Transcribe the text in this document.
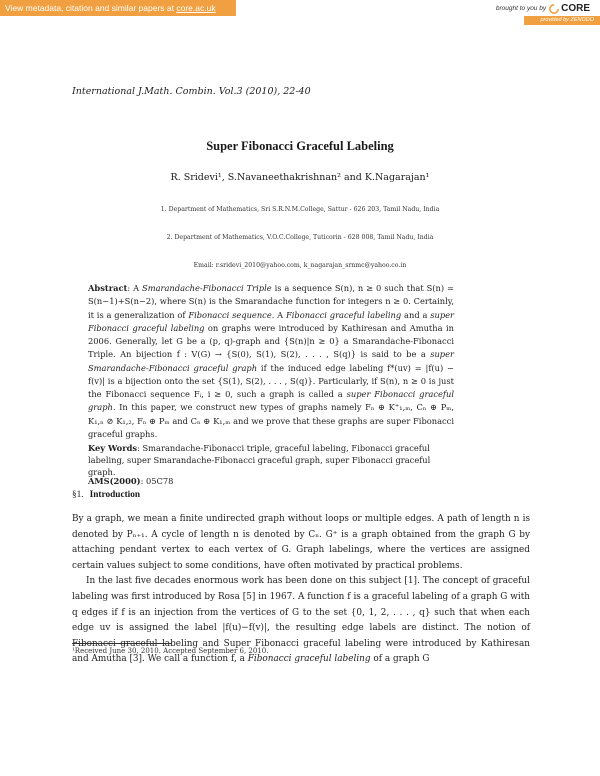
View metadata, citation and similar papers at core.ac.uk	brought to you by CORE
provided by ZENODO
International J.Math. Combin. Vol.3 (2010), 22-40
Super Fibonacci Graceful Labeling
R. Sridevi¹, S.Navaneethakrishnan² and K.Nagarajan¹
1. Department of Mathematics, Sri S.R.N.M.College, Sattur - 626 203, Tamil Nadu, India
2. Department of Mathematics, V.O.C.College, Tuticorin - 628 008, Tamil Nadu, India
Email: r.sridevi_2010@yahoo.com, k_nagarajan_srnmc@yahoo.co.in
Abstract: A Smarandache-Fibonacci Triple is a sequence S(n), n ≥ 0 such that S(n) = S(n−1)+S(n−2), where S(n) is the Smarandache function for integers n ≥ 0. Certainly, it is a generalization of Fibonacci sequence. A Fibonacci graceful labeling and a super Fibonacci graceful labeling on graphs were introduced by Kathiresan and Amutha in 2006. Generally, let G be a (p, q)-graph and {S(n)|n ≥ 0} a Smarandache-Fibonacci Triple. An bijection f : V(G) → {S(0), S(1), S(2), . . . , S(q)} is said to be a super Smarandache-Fibonacci graceful graph if the induced edge labeling f*(uv) = |f(u) − f(v)| is a bijection onto the set {S(1), S(2), . . . , S(q)}. Particularly, if S(n), n ≥ 0 is just the Fibonacci sequence Fᵢ, i ≥ 0, such a graph is called a super Fibonacci graceful graph. In this paper, we construct new types of graphs namely Fₙ ⊕ K⁺₁,ₘ, Cₙ ⊕ Pₘ, K₁,ₙ ⊘ K₁,₂, Fₙ ⊕ Pₘ and Cₙ ⊕ K₁,ₘ and we prove that these graphs are super Fibonacci graceful graphs.
Key Words: Smarandache-Fibonacci triple, graceful labeling, Fibonacci graceful labeling, super Smarandache-Fibonacci graceful graph, super Fibonacci graceful graph.
AMS(2000): 05C78
§1. Introduction

By a graph, we mean a finite undirected graph without loops or multiple edges. A path of length n is denoted by Pₙ₊₁. A cycle of length n is denoted by Cₙ. G⁺ is a graph obtained from the graph G by attaching pendant vertex to each vertex of G. Graph labelings, where the vertices are assigned certain values subject to some conditions, have often motivated by practical problems.

In the last five decades enormous work has been done on this subject [1]. The concept of graceful labeling was first introduced by Rosa [5] in 1967. A function f is a graceful labeling of a graph G with q edges if f is an injection from the vertices of G to the set {0, 1, 2, . . . , q} such that when each edge uv is assigned the label |f(u)−f(v)|, the resulting edge labels are distinct. The notion of Fibonacci graceful labeling and Super Fibonacci graceful labeling were introduced by Kathiresan and Amutha [3]. We call a function f, a Fibonacci graceful labeling of a graph G

¹Received June 30, 2010. Accepted September 6, 2010.
